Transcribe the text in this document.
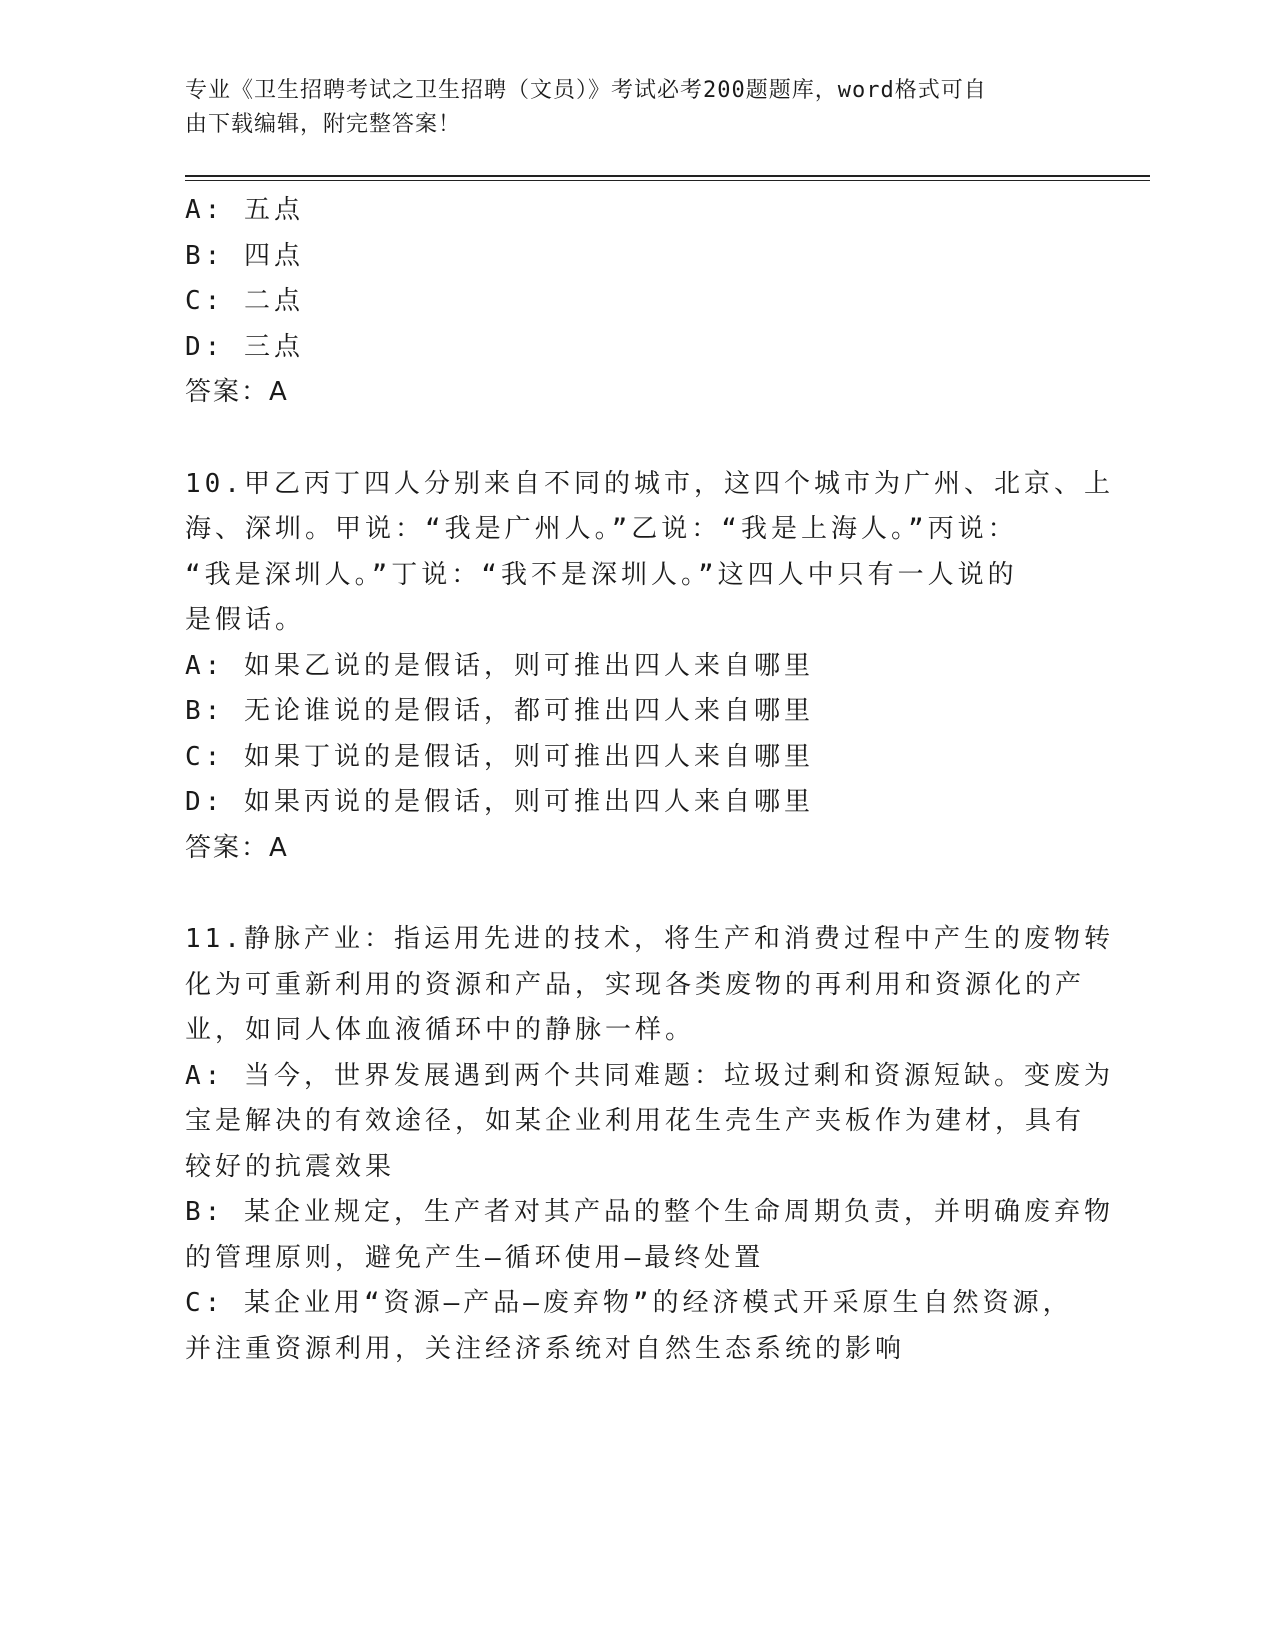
专业《卫生招聘考试之卫生招聘（文员）》考试必考200题题库，word格式可自
由下载编辑，附完整答案！
A: 五点
B: 四点
C: 二点
D: 三点
答案：A
10.甲乙丙丁四人分别来自不同的城市，这四个城市为广州、北京、上
海、深圳。甲说：“我是广州人。”乙说：“我是上海人。”丙说：
“我是深圳人。”丁说：“我不是深圳人。”这四人中只有一人说的
是假话。
A: 如果乙说的是假话，则可推出四人来自哪里
B: 无论谁说的是假话，都可推出四人来自哪里
C: 如果丁说的是假话，则可推出四人来自哪里
D: 如果丙说的是假话，则可推出四人来自哪里
答案：A
11.静脉产业：指运用先进的技术，将生产和消费过程中产生的废物转
化为可重新利用的资源和产品，实现各类废物的再利用和资源化的产
业，如同人体血液循环中的静脉一样。
A: 当今，世界发展遇到两个共同难题：垃圾过剩和资源短缺。变废为
宝是解决的有效途径，如某企业利用花生壳生产夹板作为建材，具有
较好的抗震效果
B: 某企业规定，生产者对其产品的整个生命周期负责，并明确废弃物
的管理原则，避免产生—循环使用—最终处置
C: 某企业用“资源—产品—废弃物”的经济模式开采原生自然资源，
并注重资源利用，关注经济系统对自然生态系统的影响
